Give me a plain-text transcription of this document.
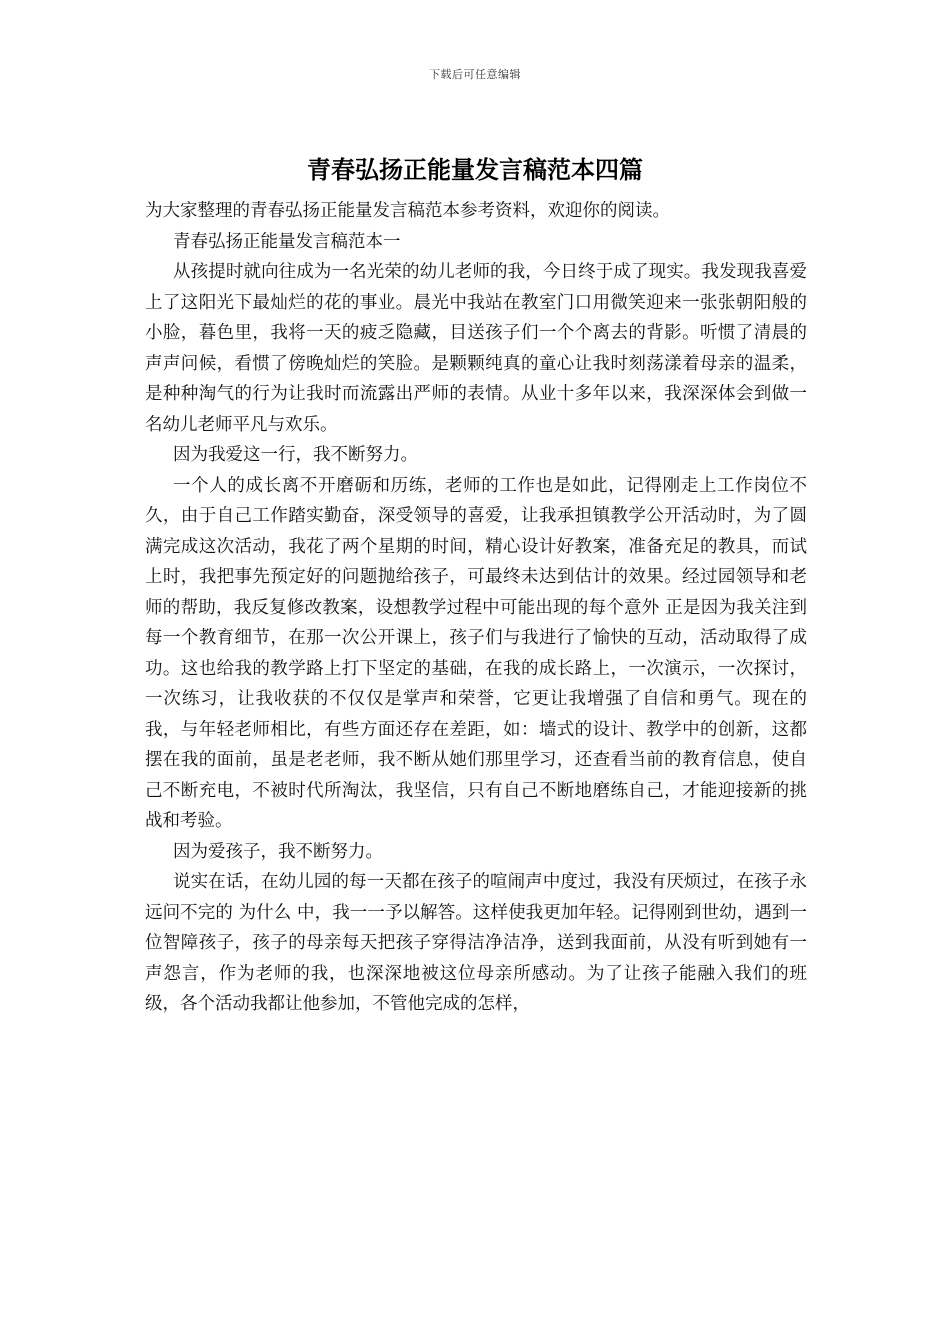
下载后可任意编辑
青春弘扬正能量发言稿范本四篇

为大家整理的青春弘扬正能量发言稿范本参考资料，欢迎你的阅读。

青春弘扬正能量发言稿范本一

从孩提时就向往成为一名光荣的幼儿老师的我，今日终于成了现实。我发现我喜爱上了这阳光下最灿烂的花的事业。晨光中我站在教室门口用微笑迎来一张张朝阳般的小脸，暮色里，我将一天的疲乏隐藏，目送孩子们一个个离去的背影。听惯了清晨的声声问候，看惯了傍晚灿烂的笑脸。是颗颗纯真的童心让我时刻荡漾着母亲的温柔，是种种淘气的行为让我时而流露出严师的表情。从业十多年以来，我深深体会到做一名幼儿老师平凡与欢乐。

因为我爱这一行，我不断努力。

一个人的成长离不开磨砺和历练，老师的工作也是如此，记得刚走上工作岗位不久，由于自己工作踏实勤奋，深受领导的喜爱，让我承担镇教学公开活动时，为了圆满完成这次活动，我花了两个星期的时间，精心设计好教案，准备充足的教具，而试上时，我把事先预定好的问题抛给孩子，可最终未达到估计的效果。经过园领导和老师的帮助，我反复修改教案，设想教学过程中可能出现的每个意外 正是因为我关注到每一个教育细节，在那一次公开课上，孩子们与我进行了愉快的互动，活动取得了成功。这也给我的教学路上打下坚定的基础，在我的成长路上，一次演示，一次探讨，一次练习，让我收获的不仅仅是掌声和荣誉，它更让我增强了自信和勇气。现在的我，与年轻老师相比，有些方面还存在差距，如：墙式的设计、教学中的创新，这都摆在我的面前，虽是老老师，我不断从她们那里学习，还查看当前的教育信息，使自己不断充电，不被时代所淘汰，我坚信，只有自己不断地磨练自己，才能迎接新的挑战和考验。

因为爱孩子，我不断努力。

说实在话，在幼儿园的每一天都在孩子的喧闹声中度过，我没有厌烦过，在孩子永远问不完的 为什么 中，我一一予以解答。这样使我更加年轻。记得刚到世幼，遇到一位智障孩子，孩子的母亲每天把孩子穿得洁净洁净，送到我面前，从没有听到她有一声怨言，作为老师的我，也深深地被这位母亲所感动。为了让孩子能融入我们的班级，各个活动我都让他参加，不管他完成的怎样，
